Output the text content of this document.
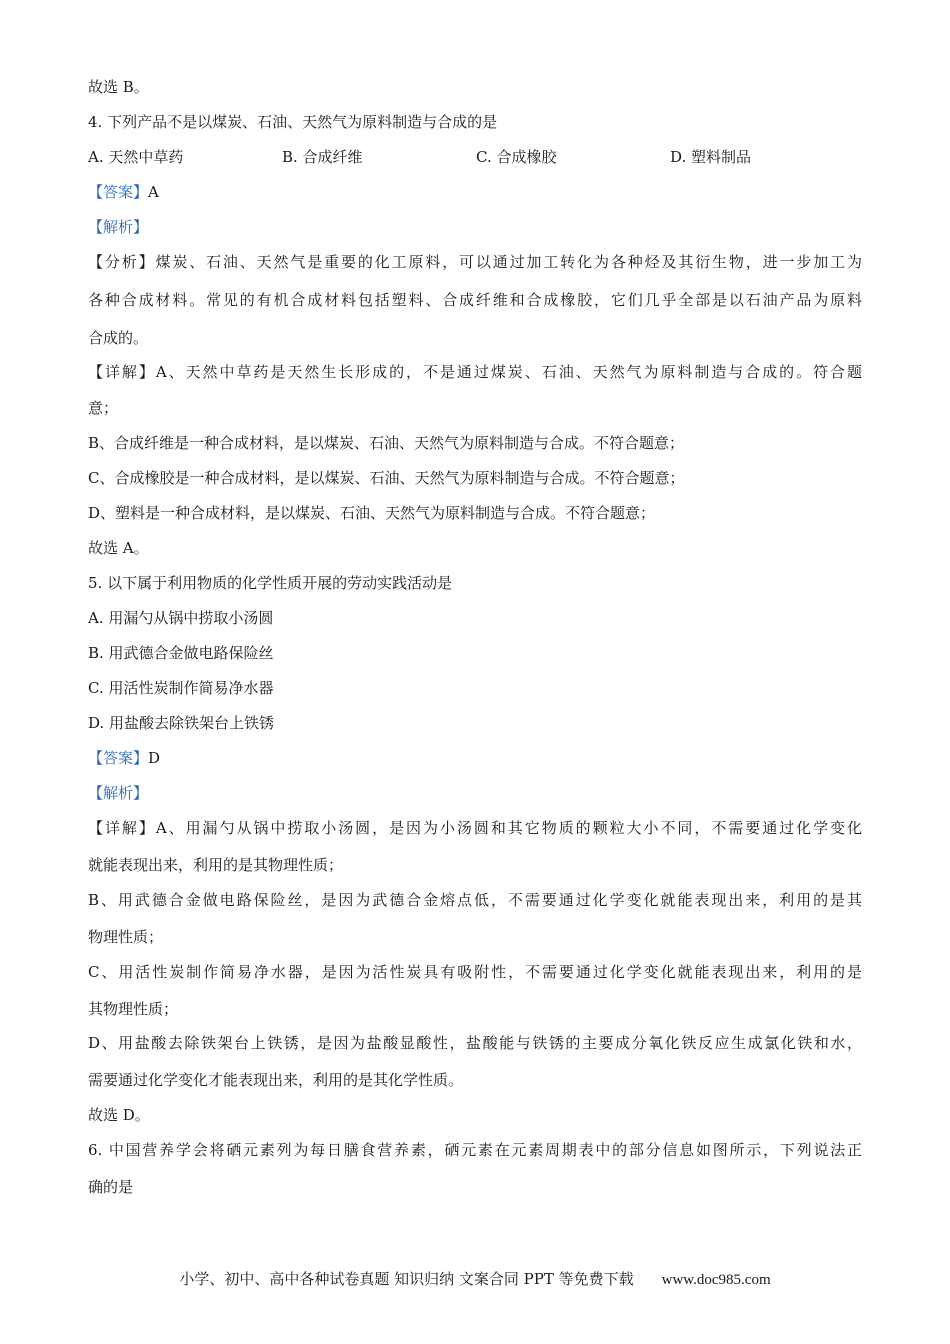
故选 B。
4. 下列产品不是以煤炭、石油、天然气为原料制造与合成的是
A. 天然中草药	B. 合成纤维	C. 合成橡胶	D. 塑料制品
【答案】A
【解析】
【分析】煤炭、石油、天然气是重要的化工原料，可以通过加工转化为各种烃及其衍生物，进一步加工为
各种合成材料。常见的有机合成材料包括塑料、合成纤维和合成橡胶，它们几乎全部是以石油产品为原料
合成的。
【详解】A、天然中草药是天然生长形成的，不是通过煤炭、石油、天然气为原料制造与合成的。符合题
意；
B、合成纤维是一种合成材料，是以煤炭、石油、天然气为原料制造与合成。不符合题意；
C、合成橡胶是一种合成材料，是以煤炭、石油、天然气为原料制造与合成。不符合题意；
D、塑料是一种合成材料，是以煤炭、石油、天然气为原料制造与合成。不符合题意；
故选 A。
5. 以下属于利用物质的化学性质开展的劳动实践活动是
A. 用漏勺从锅中捞取小汤圆
B. 用武德合金做电路保险丝
C. 用活性炭制作简易净水器
D. 用盐酸去除铁架台上铁锈
【答案】D
【解析】
【详解】A、用漏勺从锅中捞取小汤圆，是因为小汤圆和其它物质的颗粒大小不同，不需要通过化学变化
就能表现出来，利用的是其物理性质；
B、用武德合金做电路保险丝，是因为武德合金熔点低，不需要通过化学变化就能表现出来，利用的是其
物理性质；
C、用活性炭制作简易净水器，是因为活性炭具有吸附性，不需要通过化学变化就能表现出来，利用的是
其物理性质；
D、用盐酸去除铁架台上铁锈，是因为盐酸显酸性，盐酸能与铁锈的主要成分氧化铁反应生成氯化铁和水，
需要通过化学变化才能表现出来，利用的是其化学性质。
故选 D。
6. 中国营养学会将硒元素列为每日膳食营养素，硒元素在元素周期表中的部分信息如图所示，下列说法正
确的是
小学、初中、高中各种试卷真题 知识归纳 文案合同 PPT 等免费下载 www.doc985.com
